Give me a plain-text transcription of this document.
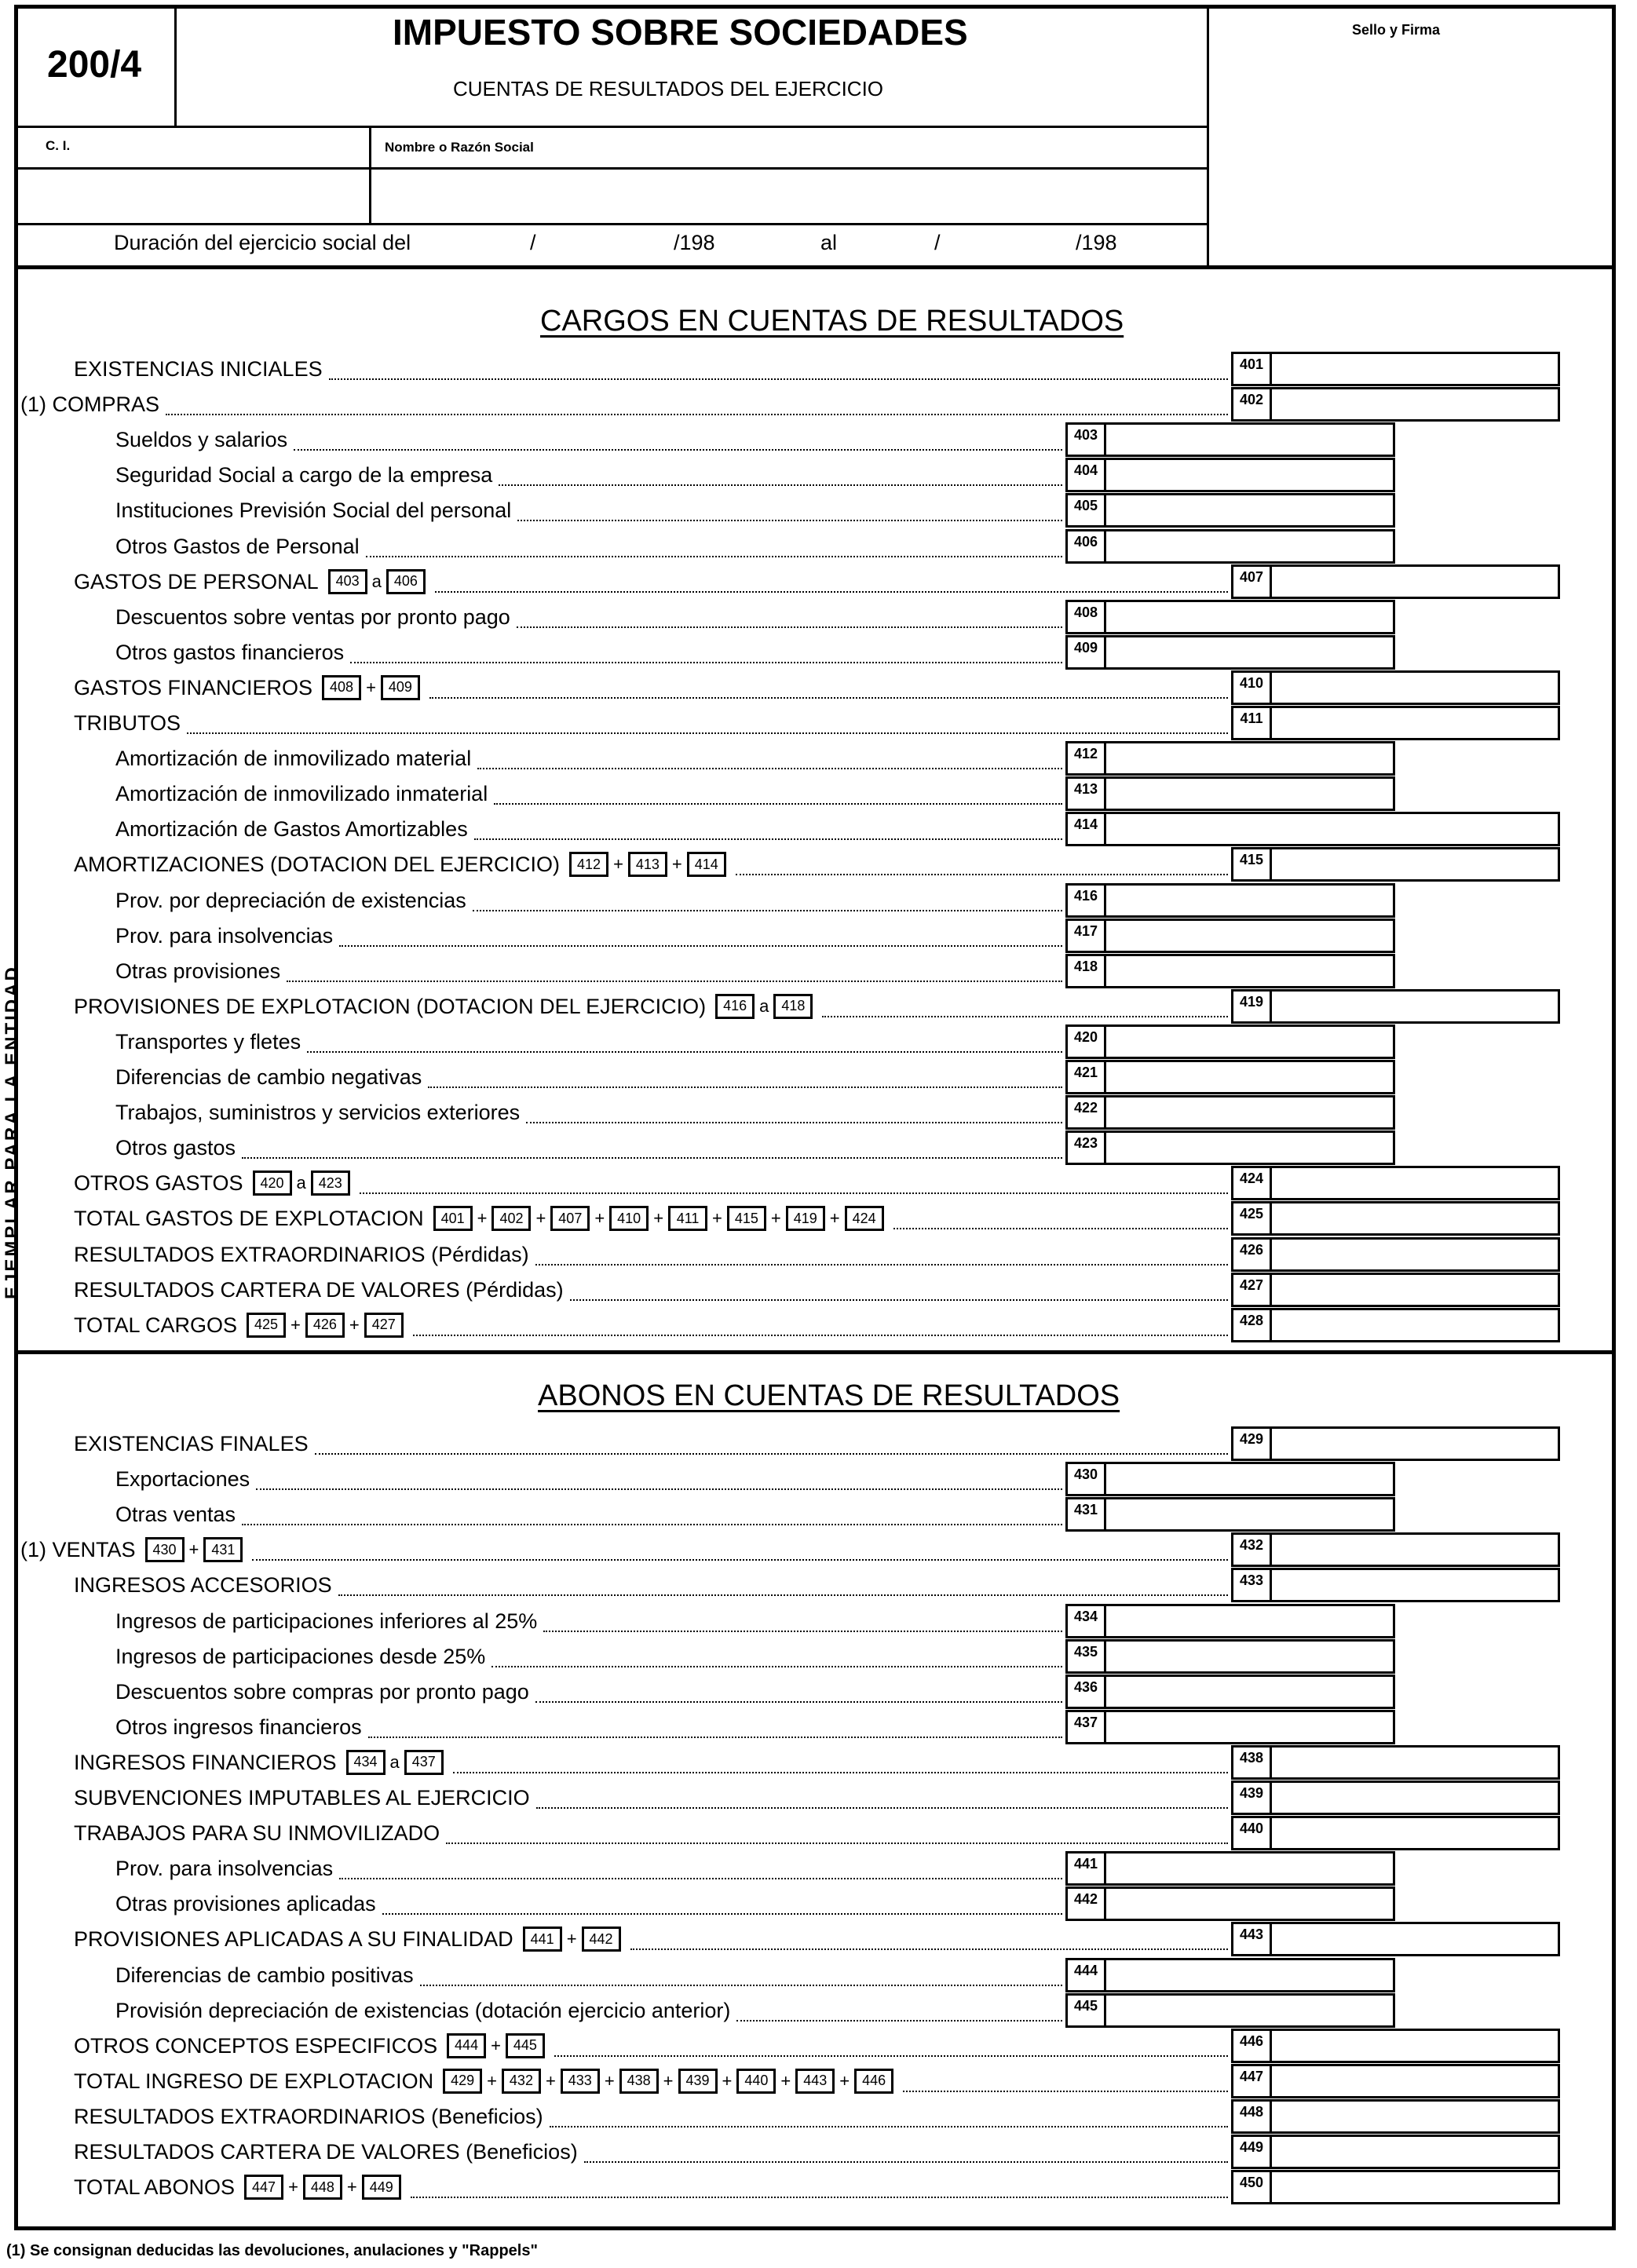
200/4
IMPUESTO SOBRE SOCIEDADES
CUENTAS DE RESULTADOS DEL EJERCICIO
Sello y Firma
C. I.	Nombre o Razón Social
Duración del ejercicio social del	/	/198	al	/	/198
CARGOS EN CUENTAS DE RESULTADOS
ABONOS EN CUENTAS DE RESULTADOS
EXISTENCIAS INICIALES	401
(1) COMPRAS	402
Sueldos y salarios	403
Seguridad Social a cargo de la empresa	404
Instituciones Previsión Social del personal	405
Otros Gastos de Personal	406
GASTOS DE PERSONAL	403 a 406	407
Descuentos sobre ventas por pronto pago	408
Otros gastos financieros	409
GASTOS FINANCIEROS	408 + 409	410
TRIBUTOS	411
Amortización de inmovilizado material	412
Amortización de inmovilizado inmaterial	413
Amortización de Gastos Amortizables	414
AMORTIZACIONES (DOTACION DEL EJERCICIO)	412 + 413 + 414	415
Prov. por depreciación de existencias	416
Prov. para insolvencias	417
Otras provisiones	418
PROVISIONES DE EXPLOTACION (DOTACION DEL EJERCICIO)	416 a 418	419
Transportes y fletes	420
Diferencias de cambio negativas	421
Trabajos, suministros y servicios exteriores	422
Otros gastos	423
OTROS GASTOS	420 a 423	424
TOTAL GASTOS DE EXPLOTACION	401 + 402 + 407 + 410 + 411 + 415 + 419 + 424	425
RESULTADOS EXTRAORDINARIOS (Pérdidas)	426
RESULTADOS CARTERA DE VALORES (Pérdidas)	427
TOTAL CARGOS	425 + 426 + 427	428
EXISTENCIAS FINALES	429
Exportaciones	430
Otras ventas	431
(1) VENTAS	430 + 431	432
INGRESOS ACCESORIOS	433
Ingresos de participaciones inferiores al 25%	434
Ingresos de participaciones desde 25%	435
Descuentos sobre compras por pronto pago	436
Otros ingresos financieros	437
INGRESOS FINANCIEROS	434 a 437	438
SUBVENCIONES IMPUTABLES AL EJERCICIO	439
TRABAJOS PARA SU INMOVILIZADO	440
Prov. para insolvencias	441
Otras provisiones aplicadas	442
PROVISIONES APLICADAS A SU FINALIDAD	441 + 442	443
Diferencias de cambio positivas	444
Provisión depreciación de existencias (dotación ejercicio anterior)	445
OTROS CONCEPTOS ESPECIFICOS	444 + 445	446
TOTAL INGRESO DE EXPLOTACION	429 + 432 + 433 + 438 + 439 + 440 + 443 + 446	447
RESULTADOS EXTRAORDINARIOS (Beneficios)	448
RESULTADOS CARTERA DE VALORES (Beneficios)	449
TOTAL ABONOS	447 + 448 + 449	450
EJEMPLAR PARA LA ENTIDAD
(1) Se consignan deducidas las devoluciones, anulaciones y "Rappels"
